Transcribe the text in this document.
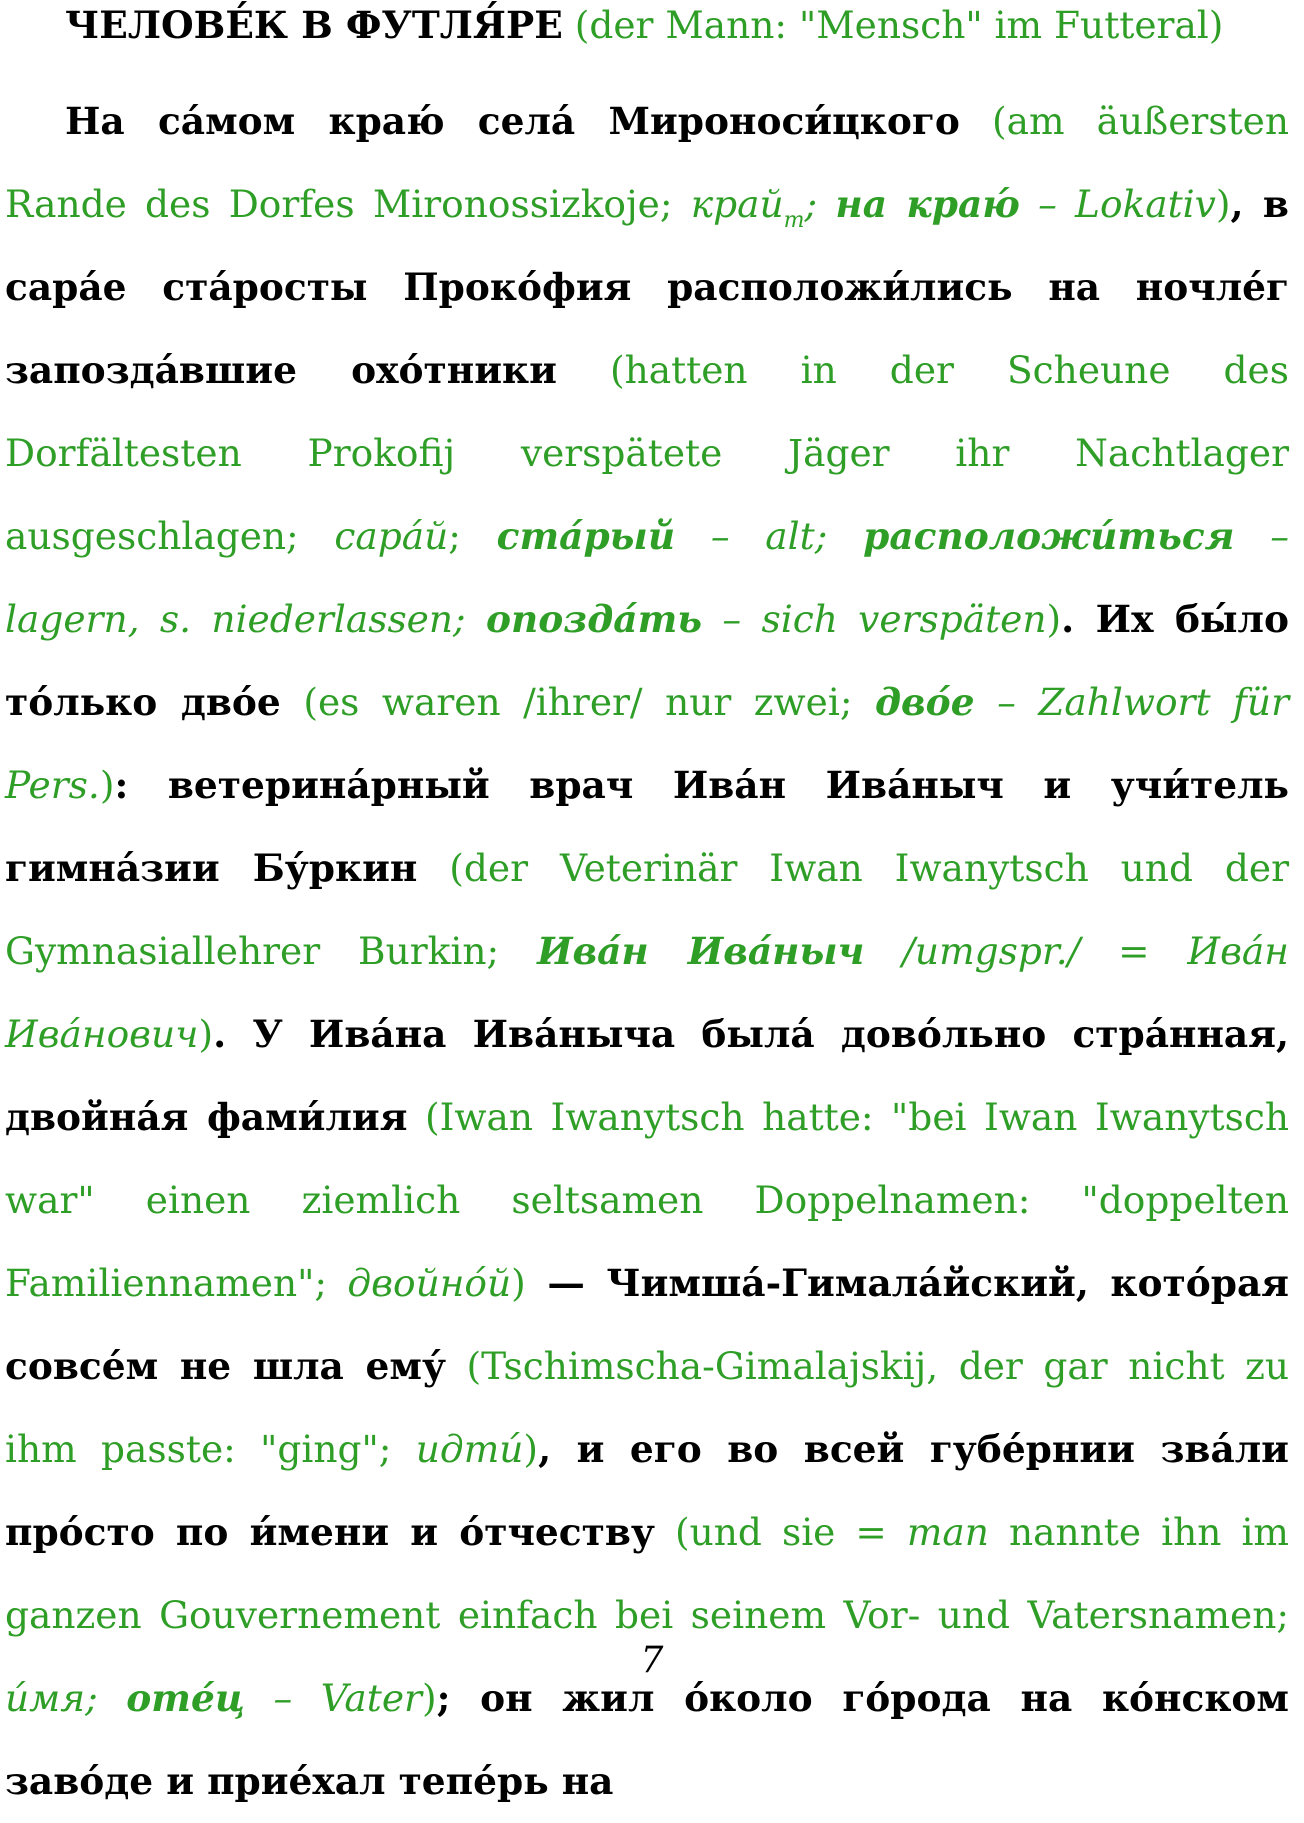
ЧЕЛОВЕ́К В ФУТЛЯ́РЕ (der Mann: "Mensch" im Futteral)

На са́мом краю́ села́ Мироноси́цкого (am äußersten Rande des Dorfes Mironossizkoje; край$_m$; на краю́ – Lokativ), в сара́е ста́росты Проко́фия расположи́лись на ночле́г запозда́вшие охо́тники (hatten in der Scheune des Dorfältesten Prokofij verspätete Jäger ihr Nachtlager ausgeschlagen; сара́й; ста́рый – alt; расположи́ться – lagern, s. niederlassen; опозда́ть – sich verspäten). Их бы́ло то́лько дво́е (es waren /ihrer/ nur zwei; дво́е – Zahlwort für Pers.): ветерина́рный врач Ива́н Ива́ныч и учи́тель гимна́зии Бу́ркин (der Veterinär Iwan Iwanytsch und der Gymnasiallehrer Burkin; Ива́н Ива́ныч /umgspr./ = Ива́н Ива́нович). У Ива́на Ива́ныча была́ дово́льно стра́нная, двойна́я фами́лия (Iwan Iwanytsch hatte: "bei Iwan Iwanytsch war" einen ziemlich seltsamen Doppelnamen: "doppelten Familiennamen"; двойно́й) — Чимша́-Гимала́йский, кото́рая совсе́м не шла ему́ (Tschimscha-Gimalajskij, der gar nicht zu ihm passte: "ging"; идти́), и его во всей губе́рнии зва́ли про́сто по и́мени и о́тчеству (und sie = man nannte ihn im ganzen Gouvernement einfach bei seinem Vor- und Vatersnamen; и́мя; оте́ц – Vater); он жил о́коло го́рода на ко́нском заво́де и прие́хал тепе́рь на

7
